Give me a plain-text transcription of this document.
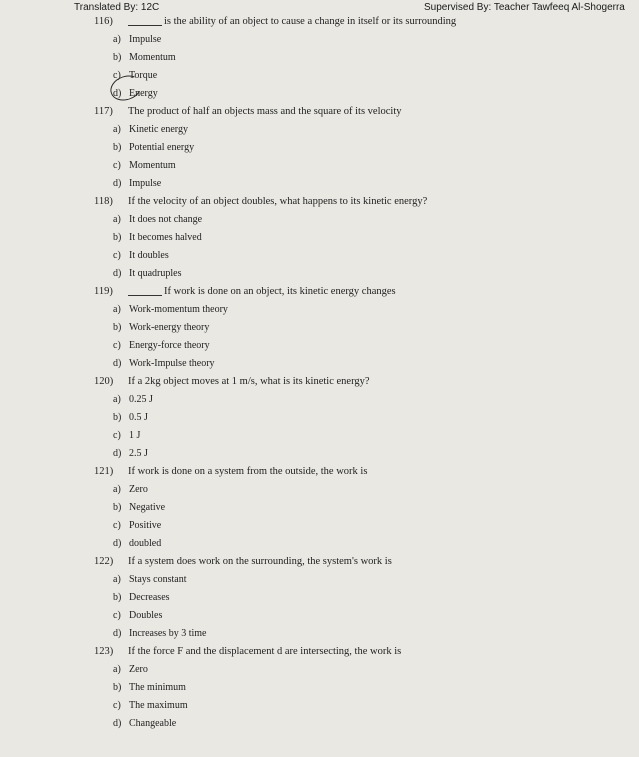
Translated By: 12C	Supervised By: Teacher Tawfeeq Al-Shogerra
116)	is the ability of an object to cause a change in itself or its surrounding
a) Impulse
b) Momentum
c) Torque
d) Energy
117)	The product of half an objects mass and the square of its velocity
a) Kinetic energy
b) Potential energy
c) Momentum
d) Impulse
118)	If the velocity of an object doubles, what happens to its kinetic energy?
a) It does not change
b) It becomes halved
c) It doubles
d) It quadruples
119)	If work is done on an object, its kinetic energy changes
a) Work-momentum theory
b) Work-energy theory
c) Energy-force theory
d) Work-Impulse theory
120)	If a 2kg object moves at 1 m/s, what is its kinetic energy?
a) 0.25 J
b) 0.5 J
c) 1 J
d) 2.5 J
121)	If work is done on a system from the outside, the work is
a) Zero
b) Negative
c) Positive
d) doubled
122)	If a system does work on the surrounding, the system's work is
a) Stays constant
b) Decreases
c) Doubles
d) Increases by 3 time
123)	If the force F and the displacement d are intersecting, the work is
a) Zero
b) The minimum
c) The maximum
d) Changeable
